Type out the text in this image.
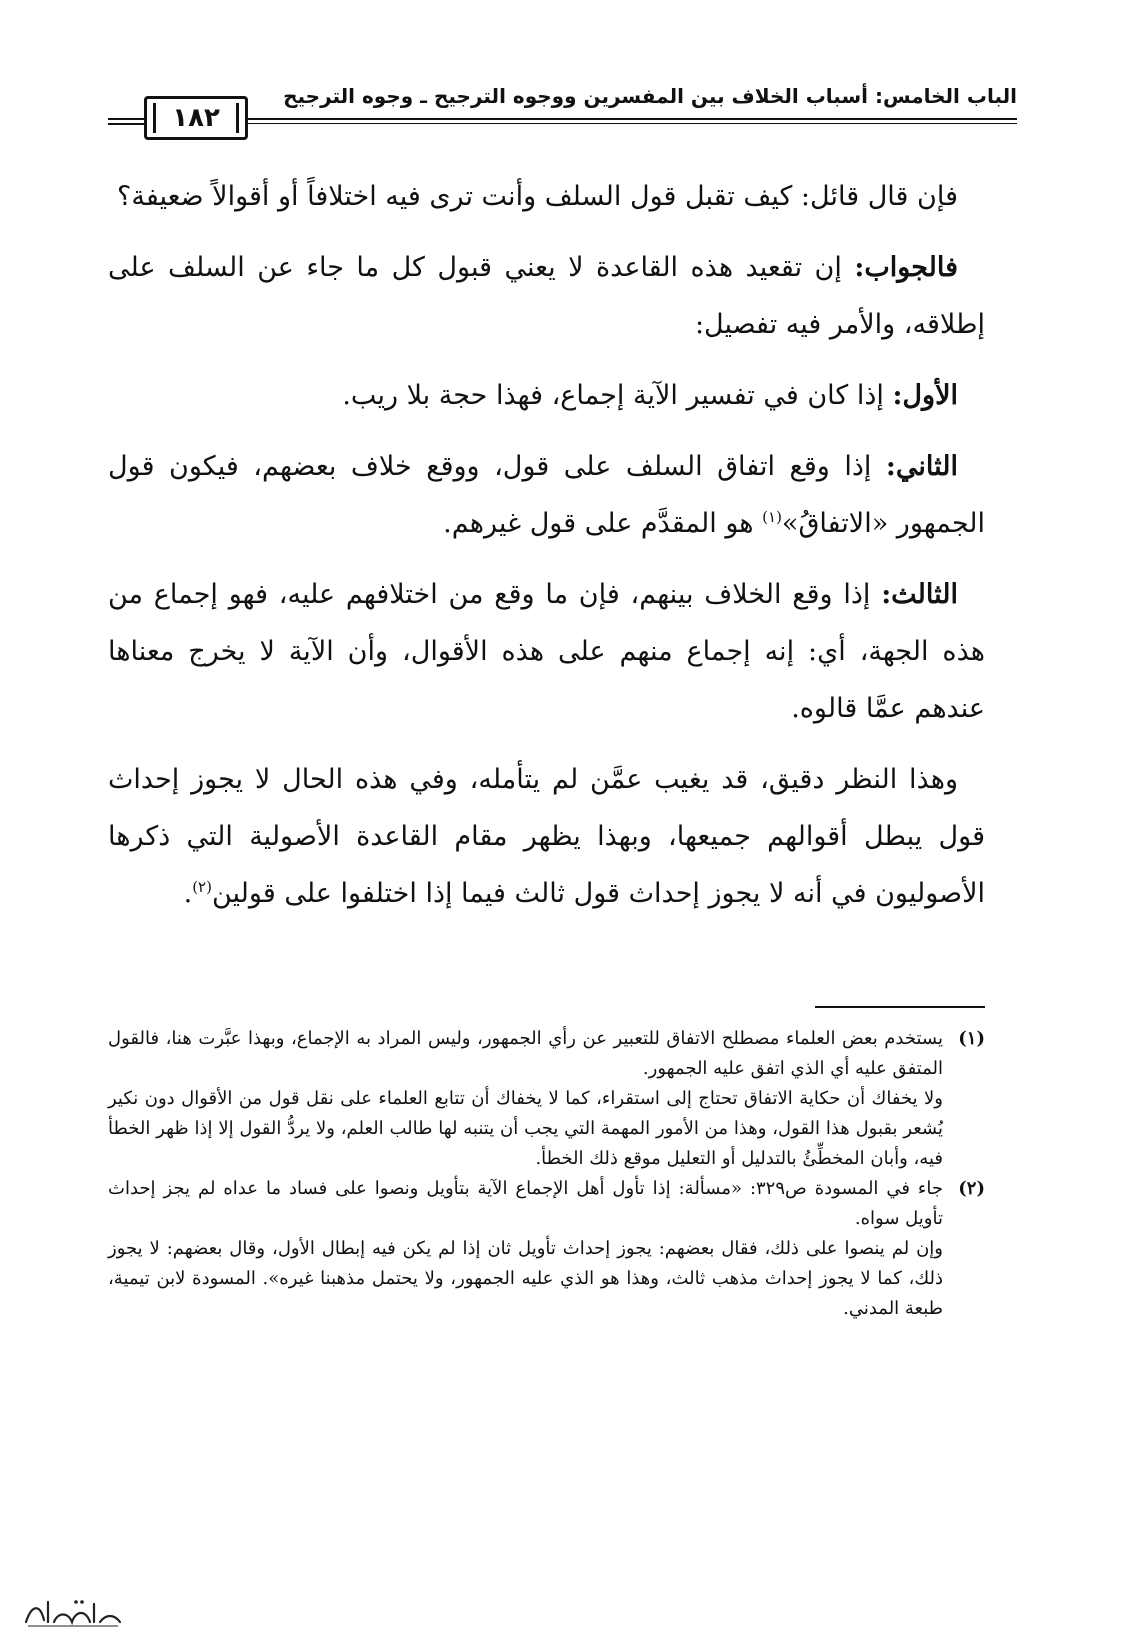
الباب الخامس: أسباب الخلاف بين المفسرين ووجوه الترجيح ـ وجوه الترجيح
١٨٢

فإن قال قائل: كيف تقبل قول السلف وأنت ترى فيه اختلافاً أو أقوالاً ضعيفة؟

فالجواب: إن تقعيد هذه القاعدة لا يعني قبول كل ما جاء عن السلف على إطلاقه، والأمر فيه تفصيل:

الأول: إذا كان في تفسير الآية إجماع، فهذا حجة بلا ريب.

الثاني: إذا وقع اتفاق السلف على قول، ووقع خلاف بعضهم، فيكون قول الجمهور «الاتفاقُ»$^{(١)}$ هو المقدَّم على قول غيرهم.

الثالث: إذا وقع الخلاف بينهم، فإن ما وقع من اختلافهم عليه، فهو إجماع من هذه الجهة، أي: إنه إجماع منهم على هذه الأقوال، وأن الآية لا يخرج معناها عندهم عمَّا قالوه.

وهذا النظر دقيق، قد يغيب عمَّن لم يتأمله، وفي هذه الحال لا يجوز إحداث قول يبطل أقوالهم جميعها، وبهذا يظهر مقام القاعدة الأصولية التي ذكرها الأصوليون في أنه لا يجوز إحداث قول ثالث فيما إذا اختلفوا على قولين$^{(٢)}$.

(١)

يستخدم بعض العلماء مصطلح الاتفاق للتعبير عن رأي الجمهور، وليس المراد به الإجماع، وبهذا عبَّرت هنا، فالقول المتفق عليه أي الذي اتفق عليه الجمهور.

ولا يخفاك أن حكاية الاتفاق تحتاج إلى استقراء، كما لا يخفاك أن تتابع العلماء على نقل قول من الأقوال دون نكير يُشعر بقبول هذا القول، وهذا من الأمور المهمة التي يجب أن يتنبه لها طالب العلم، ولا يردُّ القول إلا إذا ظهر الخطأ فيه، وأبان المخطِّئُ بالتدليل أو التعليل موقع ذلك الخطأ.

(٢)

جاء في المسودة ص٣٢٩: «مسألة: إذا تأول أهل الإجماع الآية بتأويل ونصوا على فساد ما عداه لم يجز إحداث تأويل سواه.

وإن لم ينصوا على ذلك، فقال بعضهم: يجوز إحداث تأويل ثان إذا لم يكن فيه إبطال الأول، وقال بعضهم: لا يجوز ذلك، كما لا يجوز إحداث مذهب ثالث، وهذا هو الذي عليه الجمهور، ولا يحتمل مذهبنا غيره». المسودة لابن تيمية، طبعة المدني.
